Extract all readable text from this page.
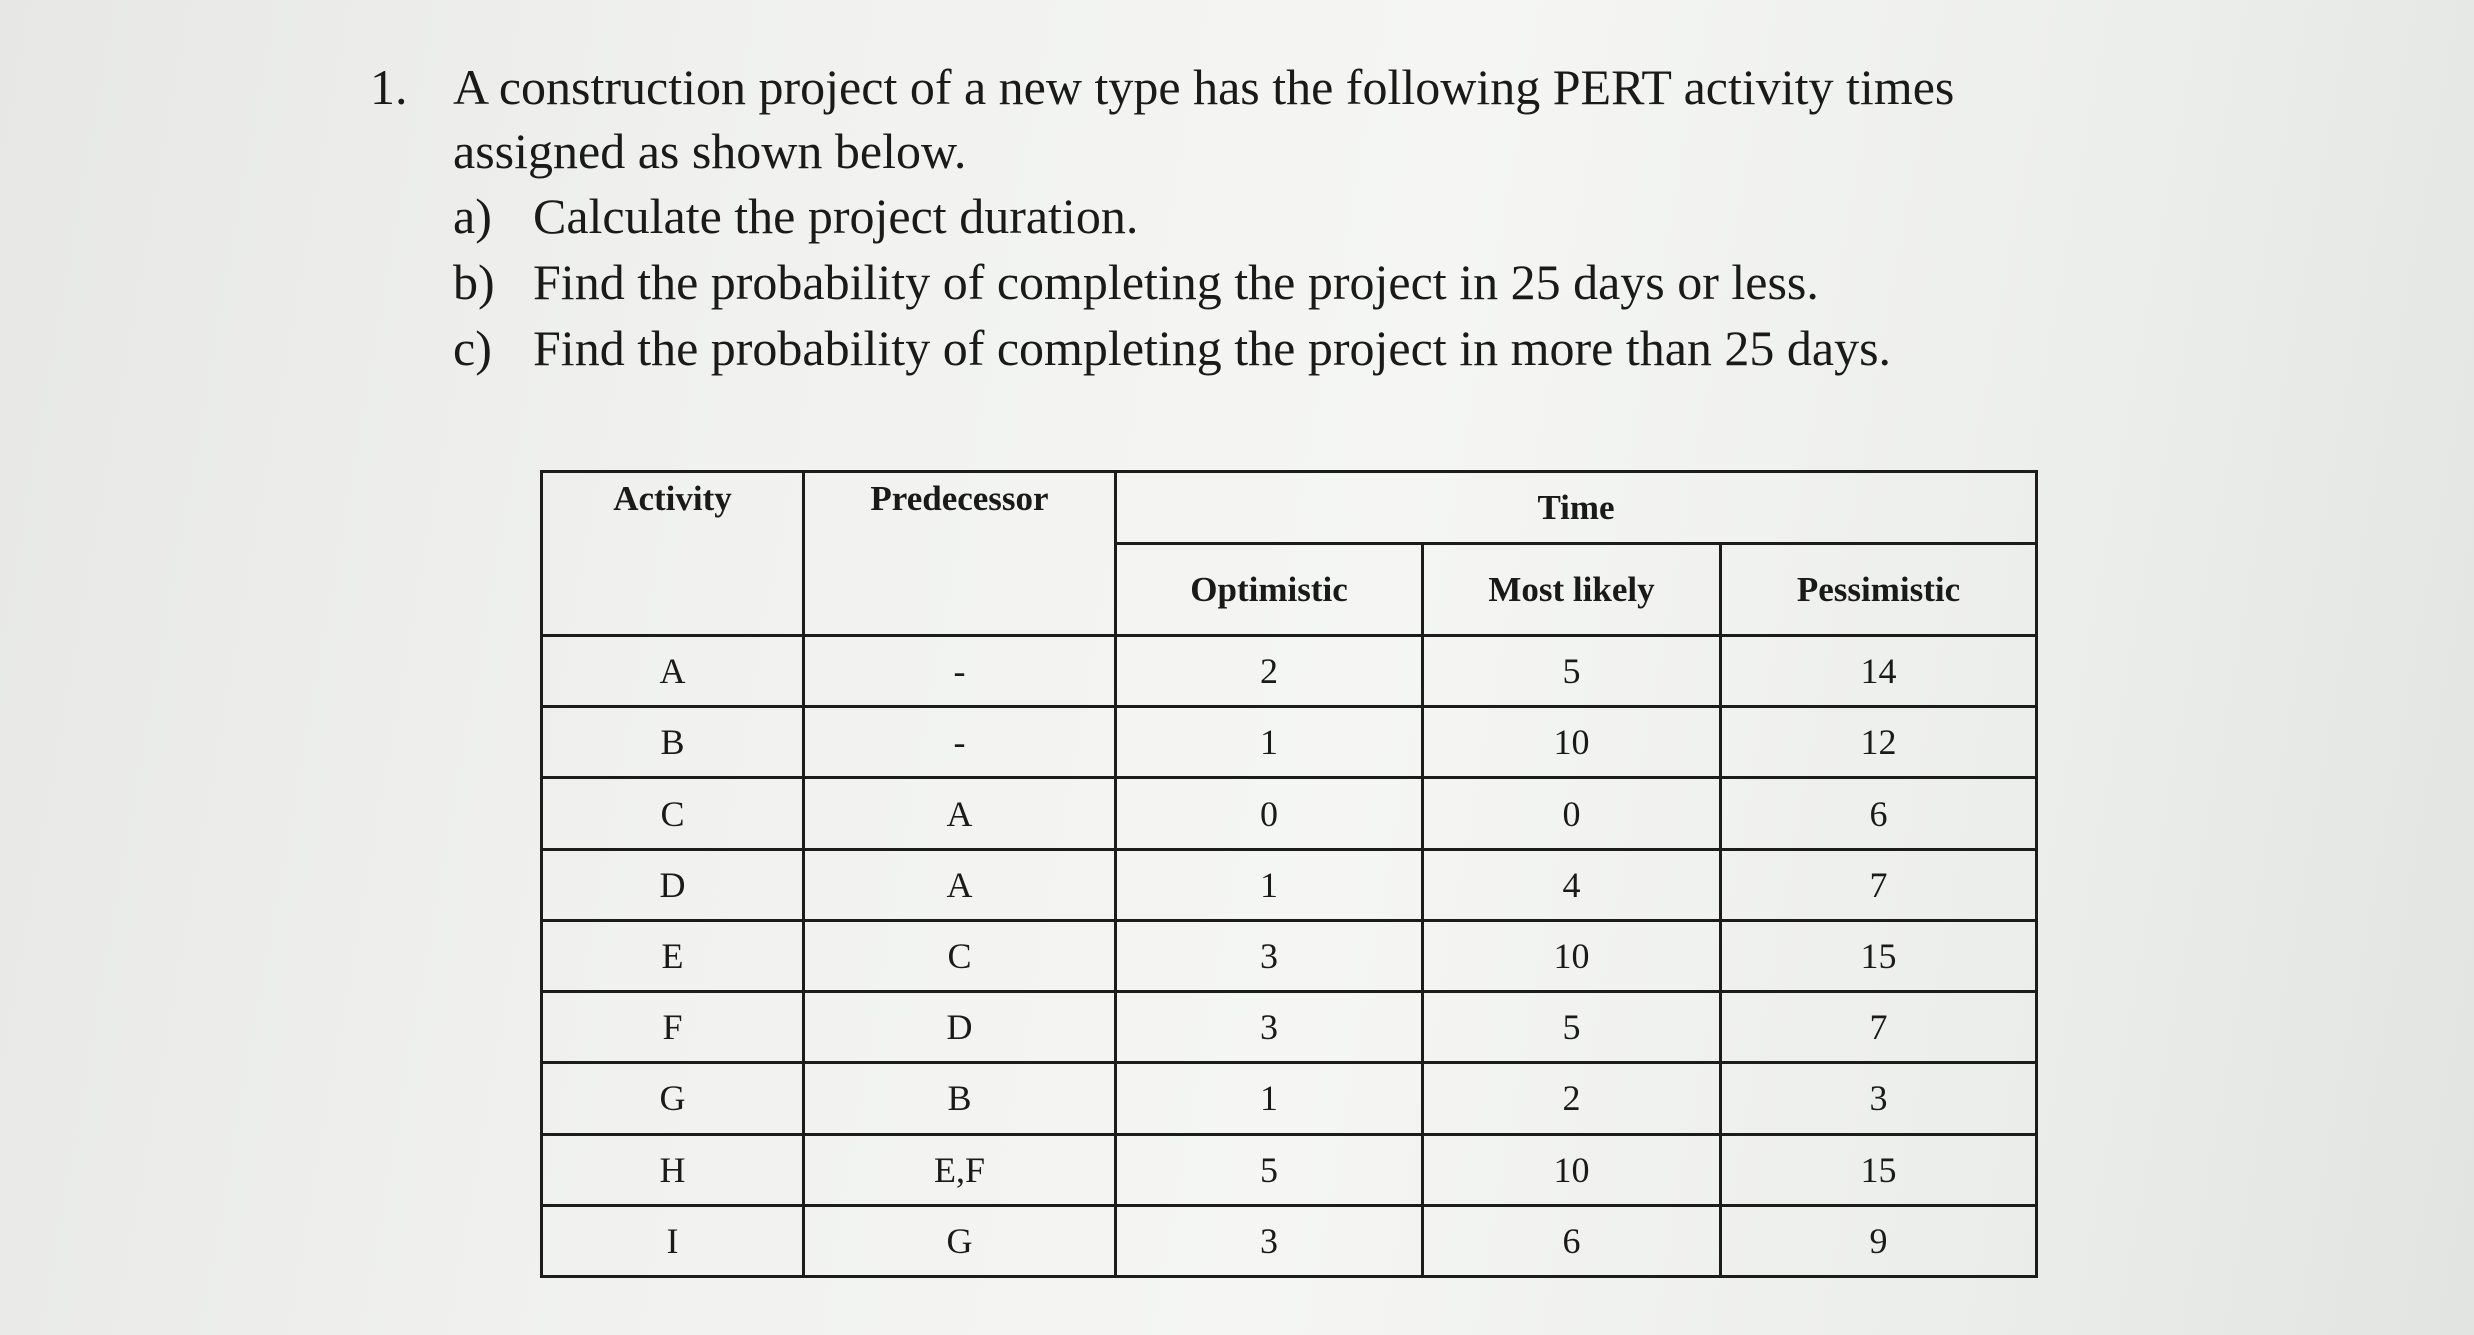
1. A construction project of a new type has the following PERT activity times
assigned as shown below.
a) Calculate the project duration.
b) Find the probability of completing the project in 25 days or less.
c) Find the probability of completing the project in more than 25 days.
Activity	Predecessor	Time		
		Optimistic	Most likely	Pessimistic
A	-	2	5	14
B	-	1	10	12
C	A	0	0	6
D	A	1	4	7
E	C	3	10	15
F	D	3	5	7
G	B	1	2	3
H	E,F	5	10	15
I	G	3	6	9
